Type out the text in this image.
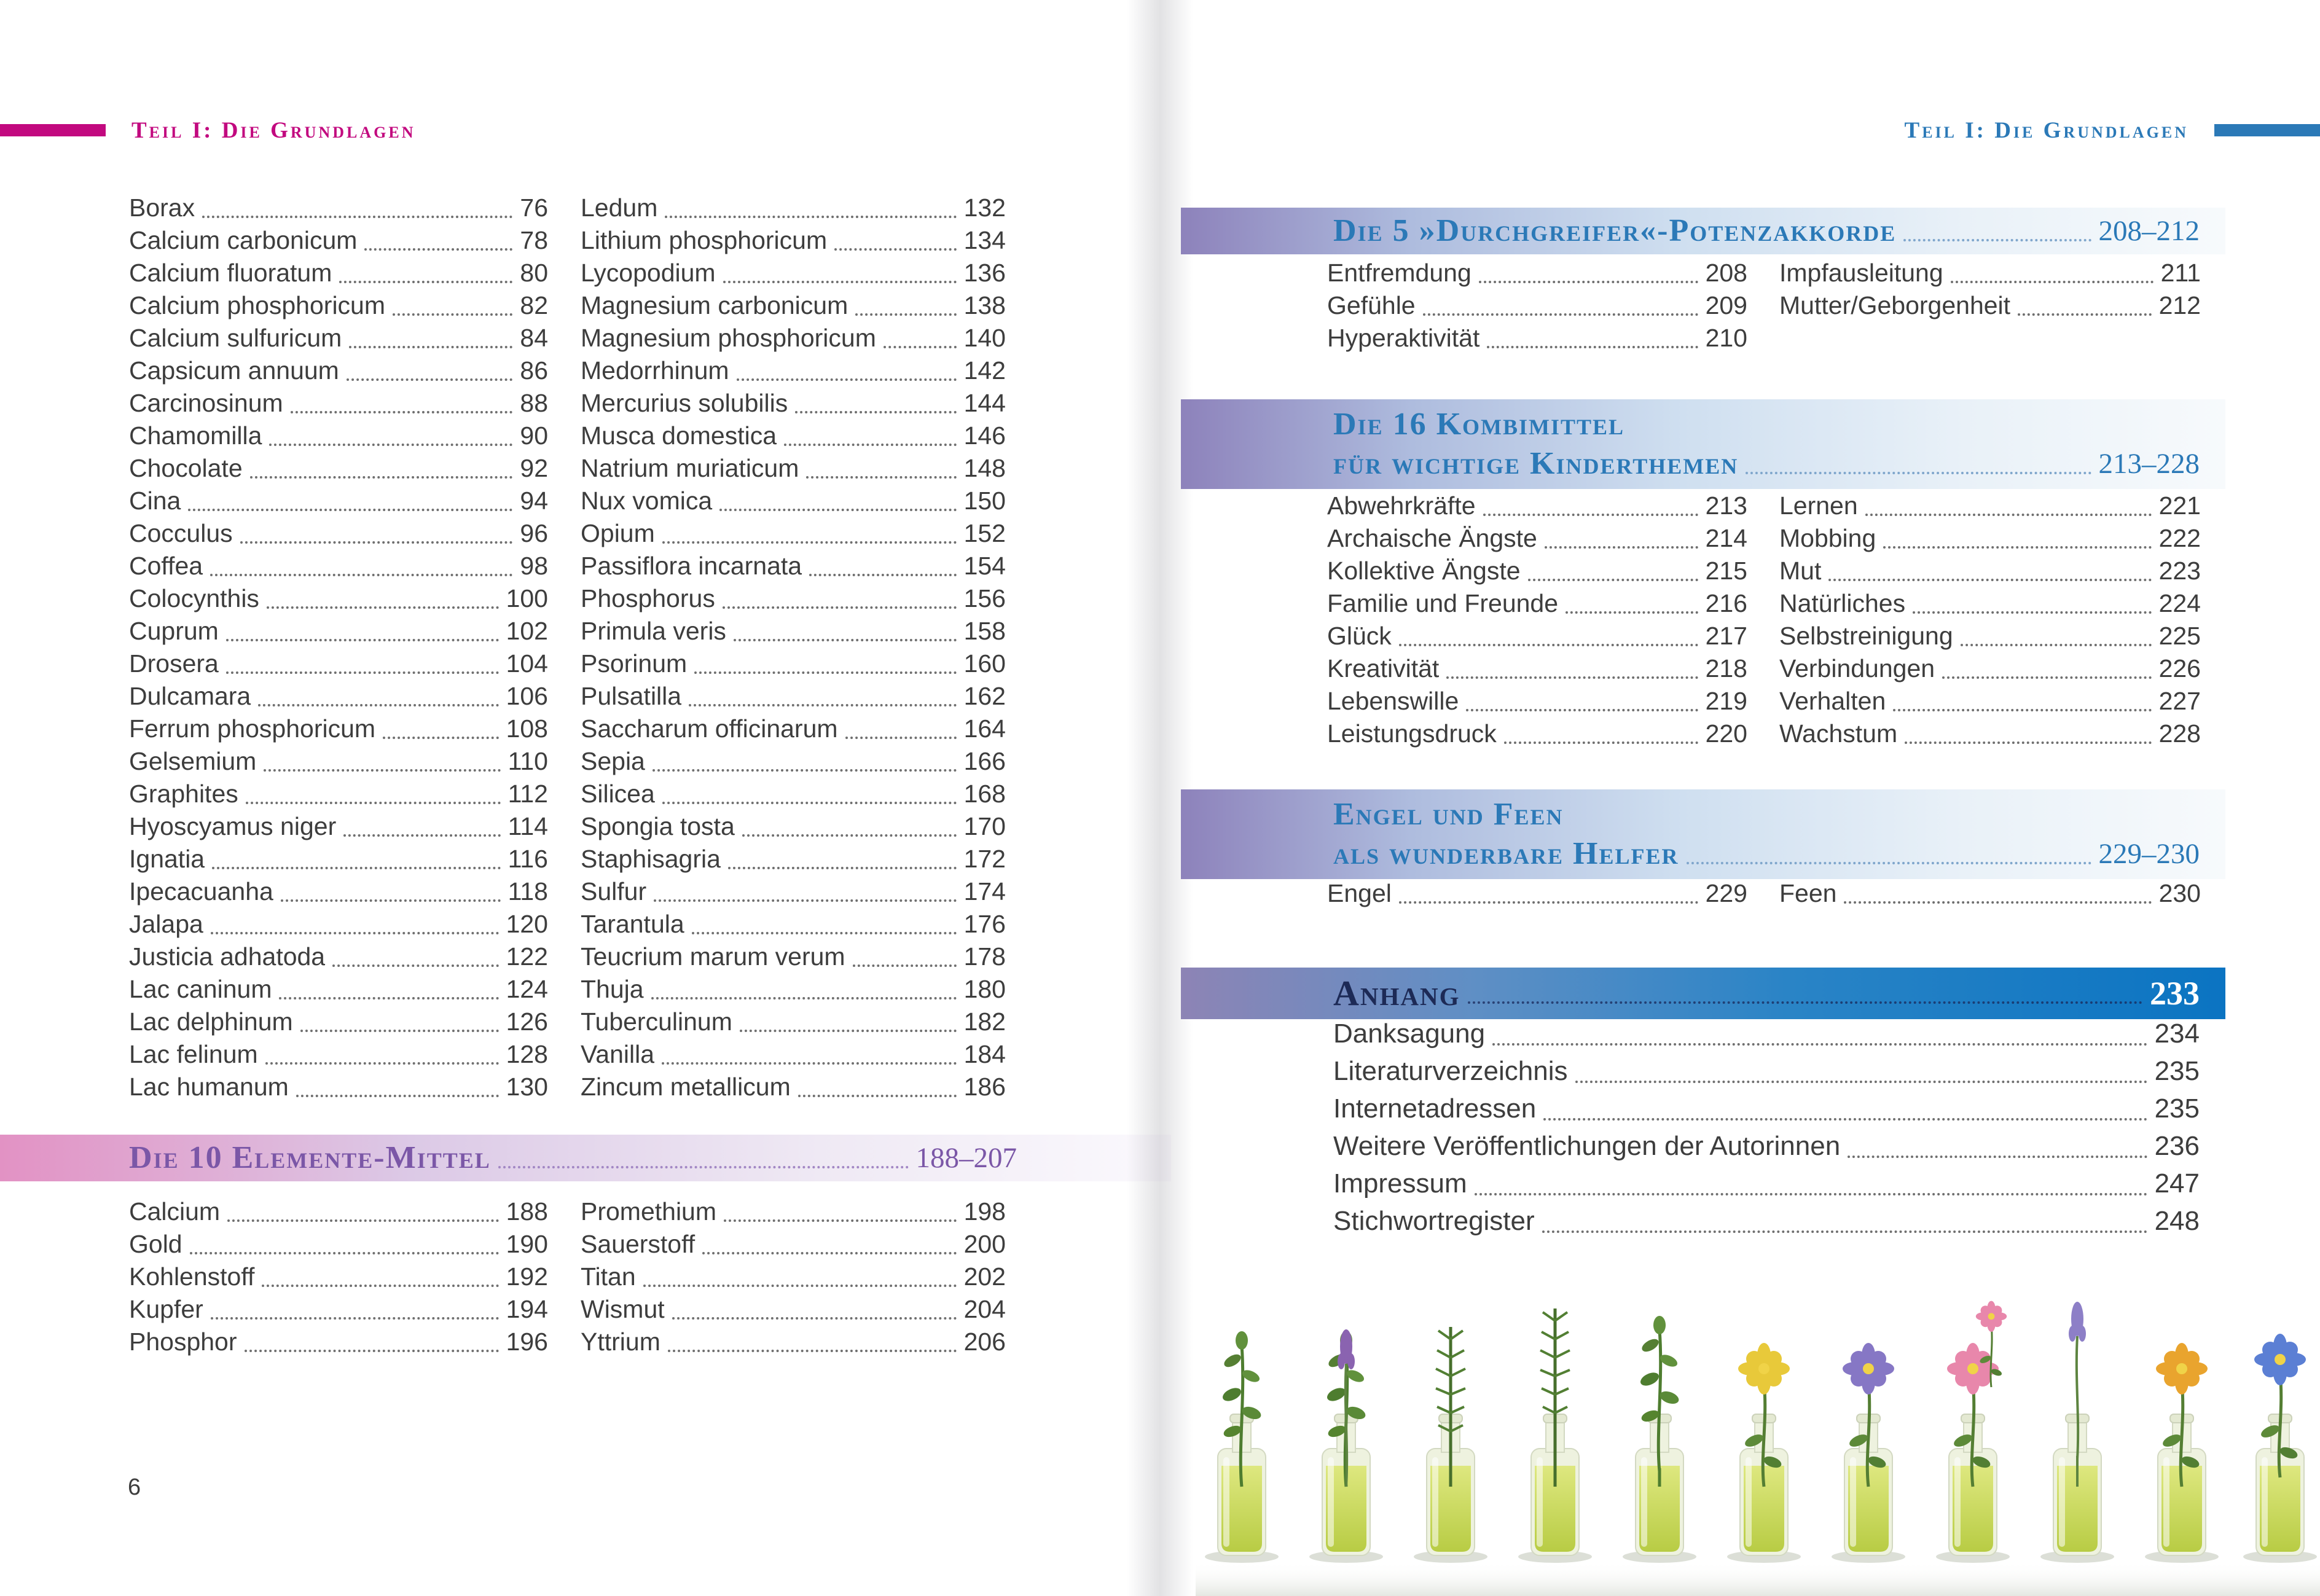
Teil I: Die Grundlagen
Borax	76
Calcium carbonicum	78
Calcium fluoratum	80
Calcium phosphoricum	82
Calcium sulfuricum	84
Capsicum annuum	86
Carcinosinum	88
Chamomilla	90
Chocolate	92
Cina	94
Cocculus	96
Coffea	98
Colocynthis	100
Cuprum	102
Drosera	104
Dulcamara	106
Ferrum phosphoricum	108
Gelsemium	110
Graphites	112
Hyoscyamus niger	114
Ignatia	116
Ipecacuanha	118
Jalapa	120
Justicia adhatoda	122
Lac caninum	124
Lac delphinum	126
Lac felinum	128
Lac humanum	130
Ledum	132
Lithium phosphoricum	134
Lycopodium	136
Magnesium carbonicum	138
Magnesium phosphoricum	140
Medorrhinum	142
Mercurius solubilis	144
Musca domestica	146
Natrium muriaticum	148
Nux vomica	150
Opium	152
Passiflora incarnata	154
Phosphorus	156
Primula veris	158
Psorinum	160
Pulsatilla	162
Saccharum officinarum	164
Sepia	166
Silicea	168
Spongia tosta	170
Staphisagria	172
Sulfur	174
Tarantula	176
Teucrium marum verum	178
Thuja	180
Tuberculinum	182
Vanilla	184
Zincum metallicum	186
Die 10 Elemente-Mittel	188–207
Calcium	188
Gold	190
Kohlenstoff	192
Kupfer	194
Phosphor	196
Promethium	198
Sauerstoff	200
Titan	202
Wismut	204
Yttrium	206
6
Teil I: Die Grundlagen
Die 5 »Durchgreifer«-Potenzakkorde	208–212
Entfremdung	208
Gefühle	209
Hyperaktivität	210
Impfausleitung	211
Mutter/Geborgenheit	212
Die 16 Kombimittel
für wichtige Kinderthemen	213–228
Abwehrkräfte	213
Archaische Ängste	214
Kollektive Ängste	215
Familie und Freunde	216
Glück	217
Kreativität	218
Lebenswille	219
Leistungsdruck	220
Lernen	221
Mobbing	222
Mut	223
Natürliches	224
Selbstreinigung	225
Verbindungen	226
Verhalten	227
Wachstum	228
Engel und Feen
als wunderbare Helfer	229–230
Engel	229 Feen	230
Anhang	233
Danksagung	234
Literaturverzeichnis	235
Internetadressen	235
Weitere Veröffentlichungen der Autorinnen	236
Impressum	247
Stichwortregister	248
